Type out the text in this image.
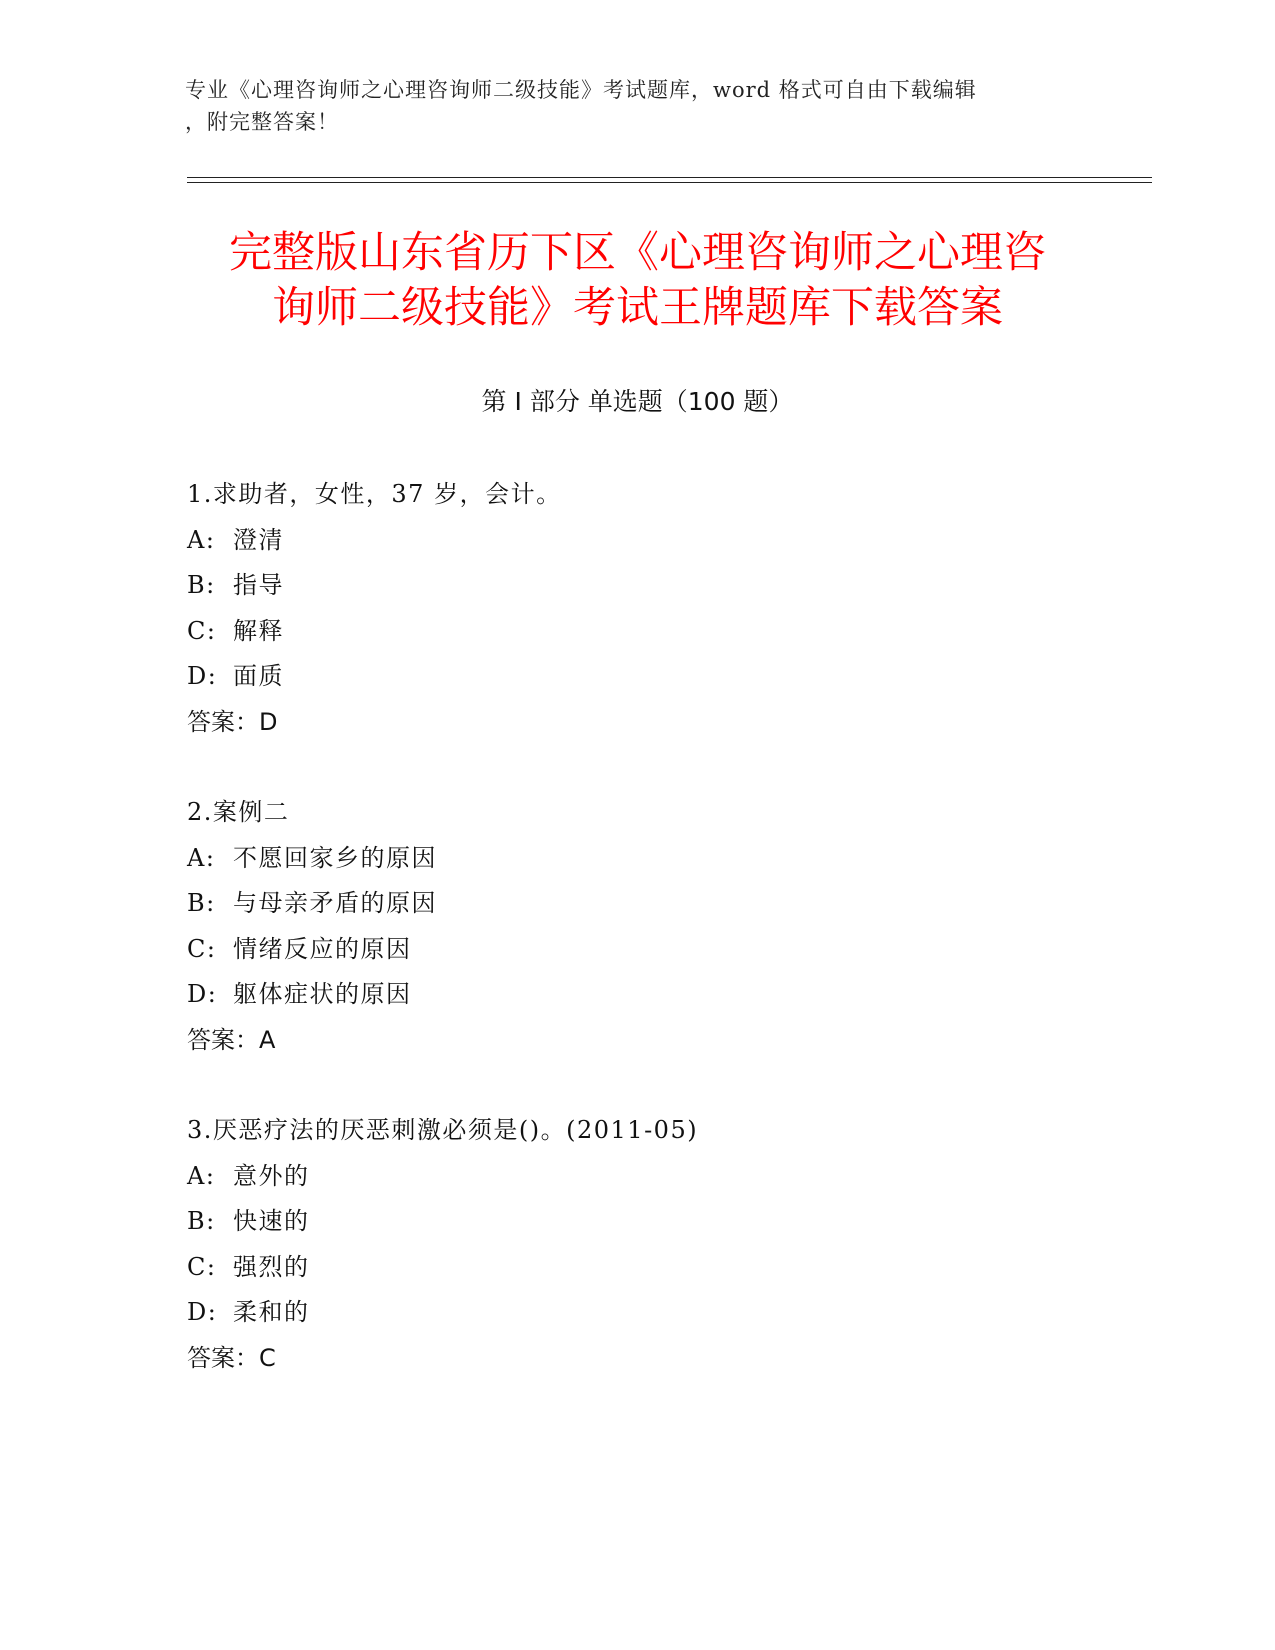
专业《心理咨询师之心理咨询师二级技能》考试题库，word 格式可自由下载编辑
，附完整答案！
完整版山东省历下区《心理咨询师之心理咨
询师二级技能》考试王牌题库下载答案
第 I 部分 单选题（100 题）
1.求助者，女性，37 岁，会计。
A: 澄清
B: 指导
C: 解释
D: 面质
答案：D
2.案例二
A: 不愿回家乡的原因
B: 与母亲矛盾的原因
C: 情绪反应的原因
D: 躯体症状的原因
答案：A
3.厌恶疗法的厌恶刺激必须是()。(2011-05)
A: 意外的
B: 快速的
C: 强烈的
D: 柔和的
答案：C
